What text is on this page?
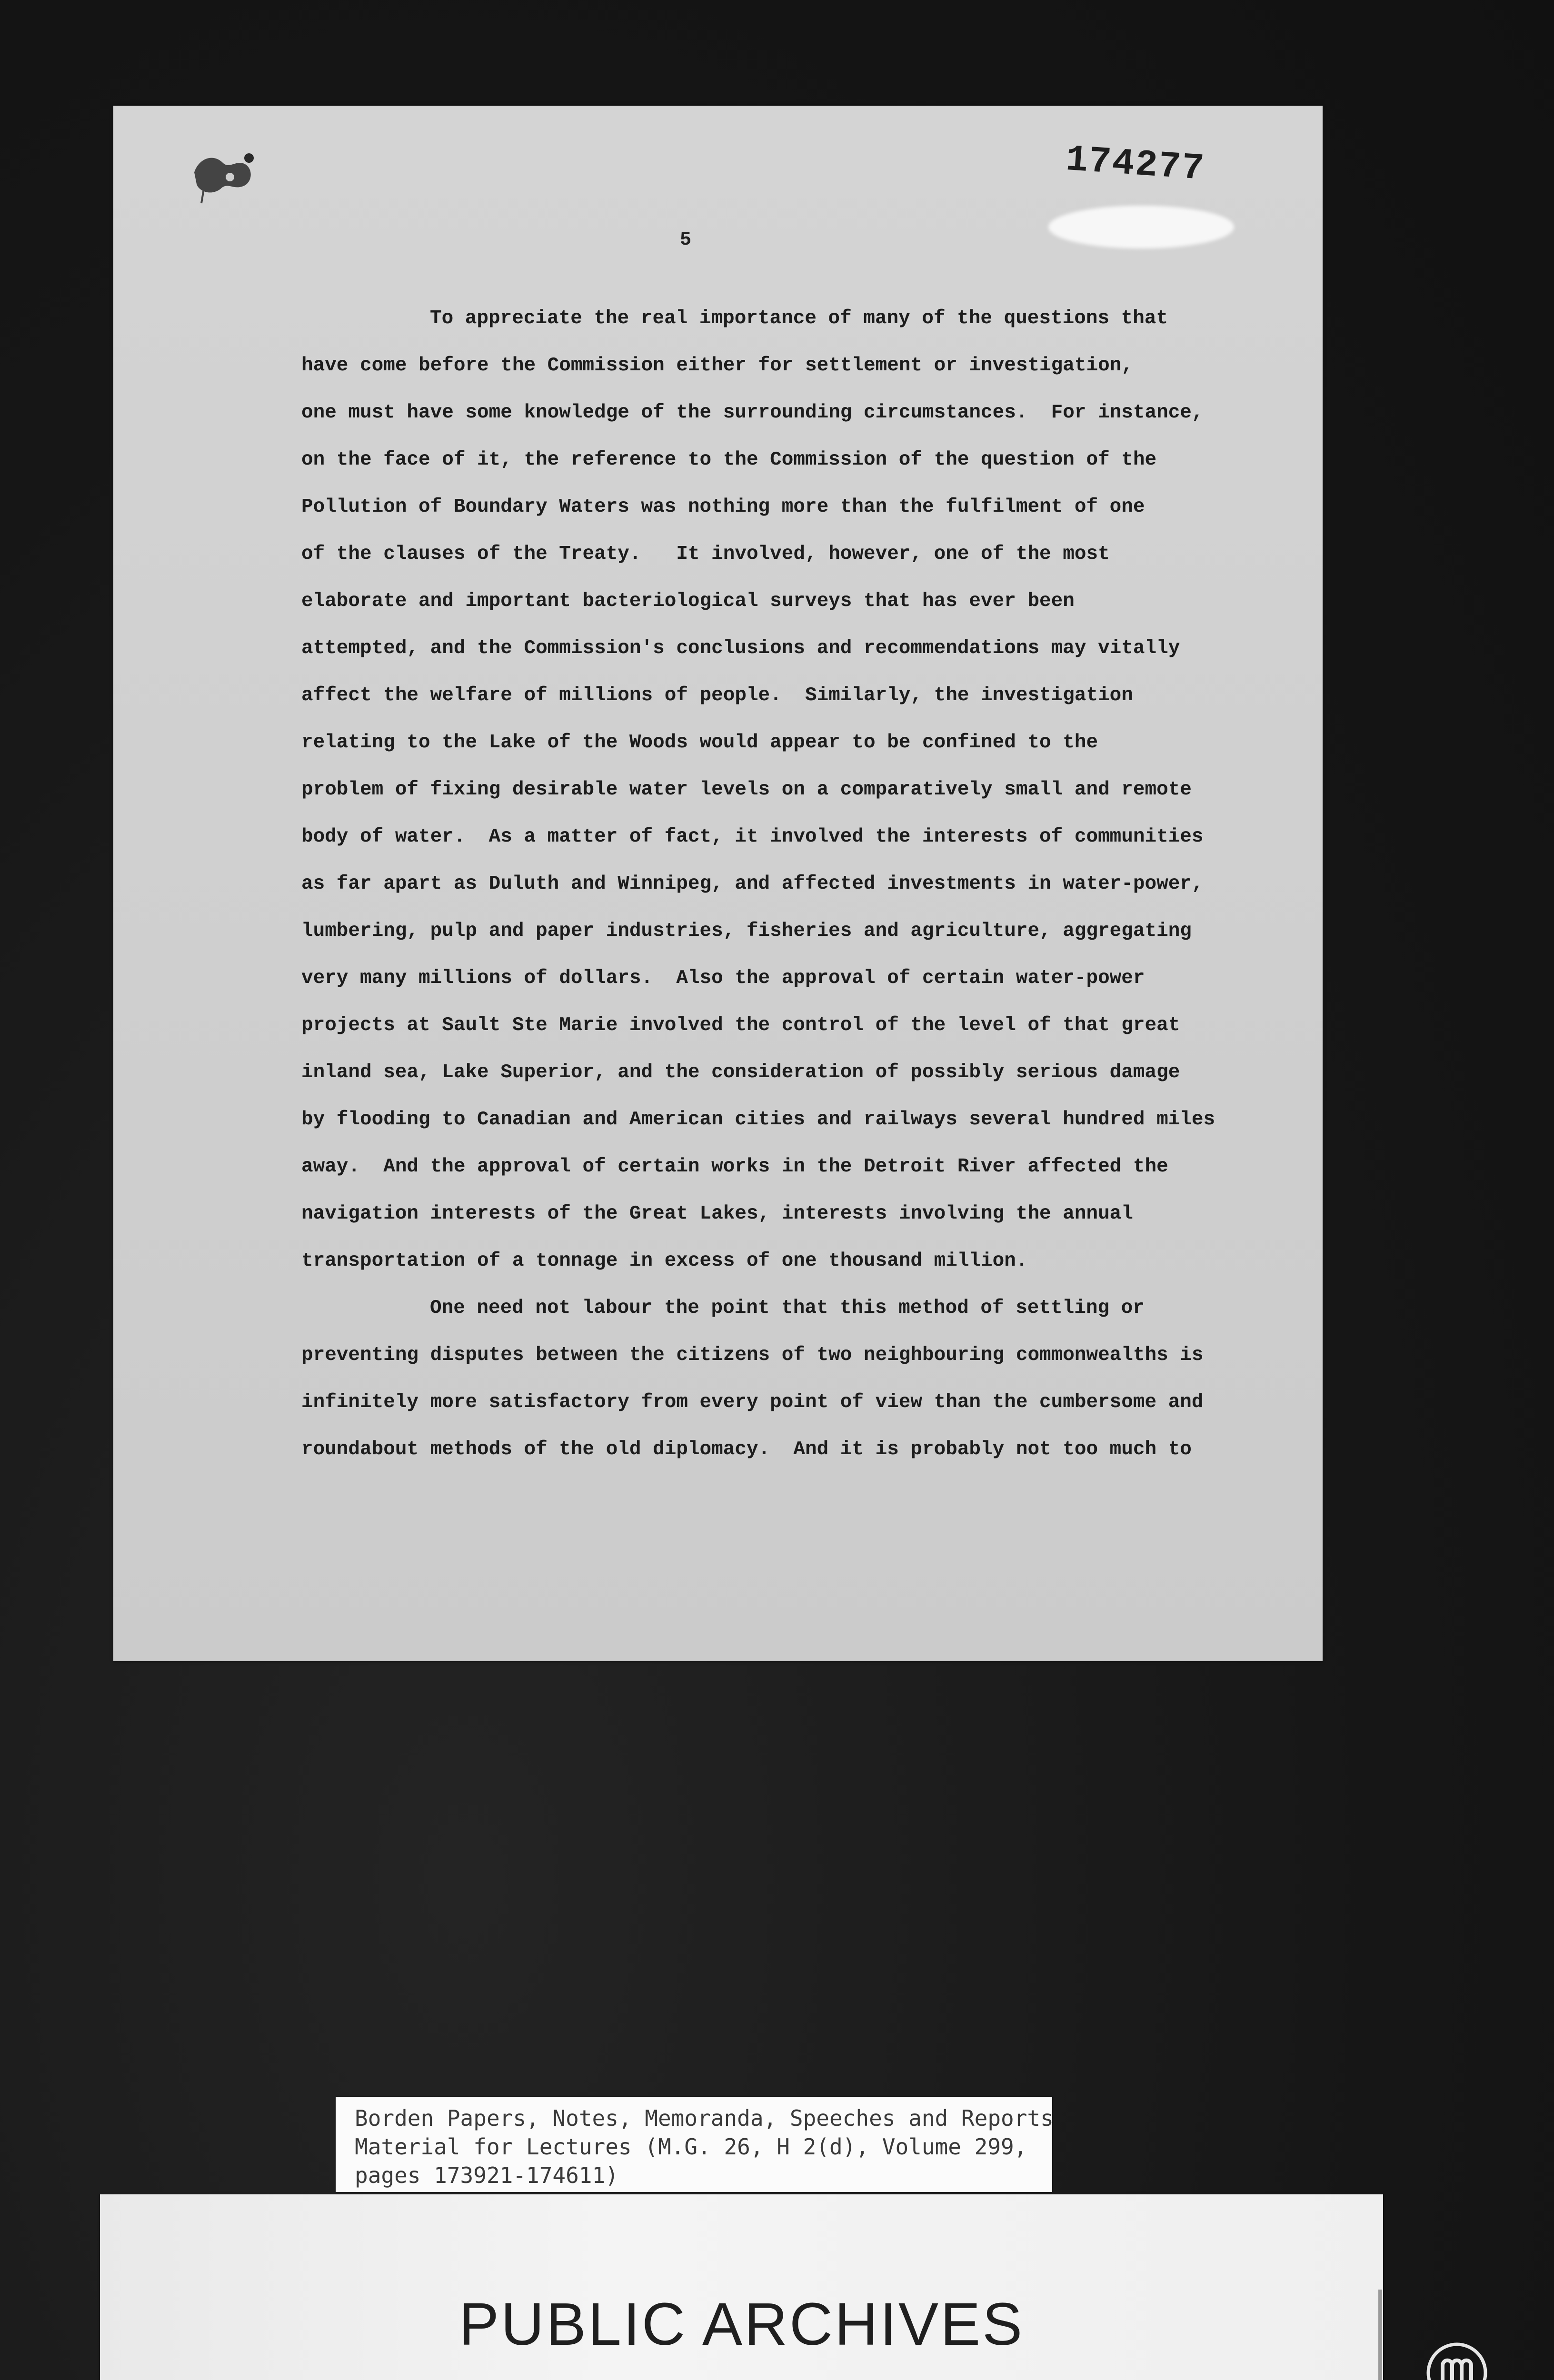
174277
5
To appreciate the real importance of many of the questions that
have come before the Commission either for settlement or investigation,
one must have some knowledge of the surrounding circumstances.  For instance,
on the face of it, the reference to the Commission of the question of the
Pollution of Boundary Waters was nothing more than the fulfilment of one
of the clauses of the Treaty.   It involved, however, one of the most
elaborate and important bacteriological surveys that has ever been
attempted, and the Commission's conclusions and recommendations may vitally
affect the welfare of millions of people.  Similarly, the investigation
relating to the Lake of the Woods would appear to be confined to the
problem of fixing desirable water levels on a comparatively small and remote
body of water.  As a matter of fact, it involved the interests of communities
as far apart as Duluth and Winnipeg, and affected investments in water-power,
lumbering, pulp and paper industries, fisheries and agriculture, aggregating
very many millions of dollars.  Also the approval of certain water-power
projects at Sault Ste Marie involved the control of the level of that great
inland sea, Lake Superior, and the consideration of possibly serious damage
by flooding to Canadian and American cities and railways several hundred miles
away.  And the approval of certain works in the Detroit River affected the
navigation interests of the Great Lakes, interests involving the annual
transportation of a tonnage in excess of one thousand million.
One need not labour the point that this method of settling or
preventing disputes between the citizens of two neighbouring commonwealths is
infinitely more satisfactory from every point of view than the cumbersome and
roundabout methods of the old diplomacy.  And it is probably not too much to
Borden Papers, Notes, Memoranda, Speeches and Reports
Material for Lectures (M.G. 26, H 2(d), Volume 299,
pages 173921-174611)
PUBLIC ARCHIVES
